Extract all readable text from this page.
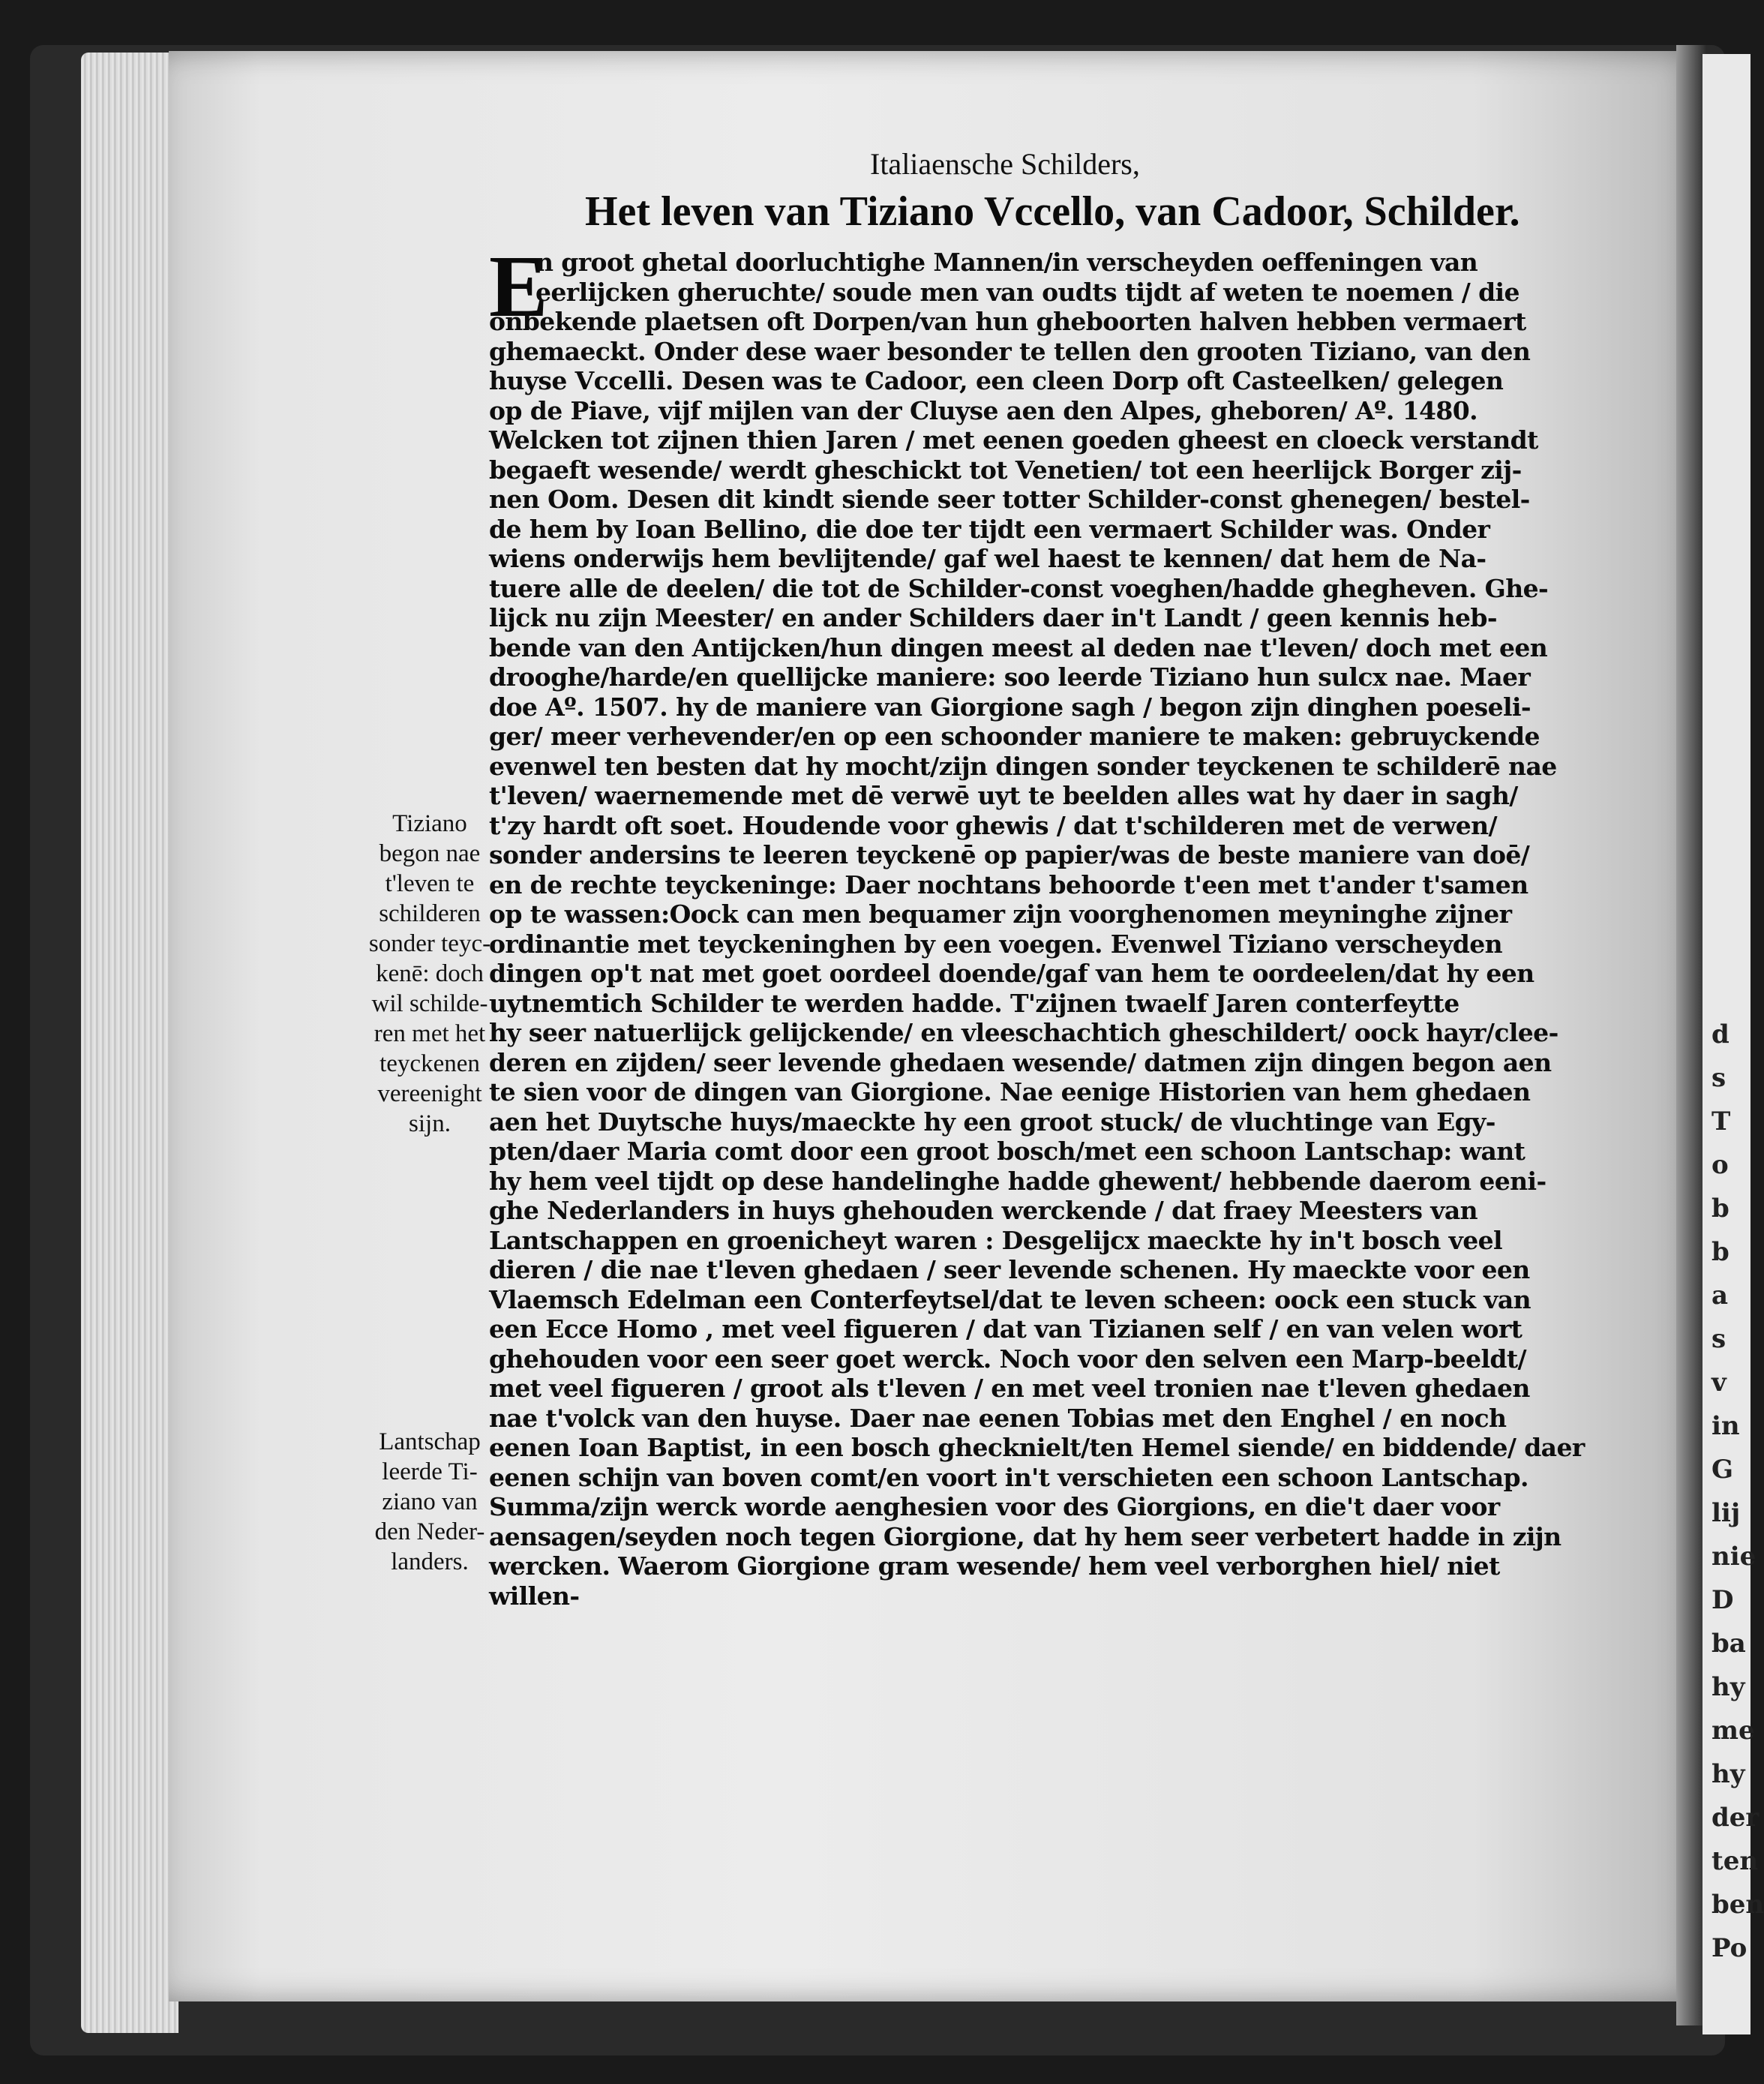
d
s
T
o
b
b
a
s
v
in
G
lij
nie
D
ba
hy
me
hy
der
ten
ben
Po
Italiaensche Schilders,
Het leven van Tiziano Vccello, van Cadoor, Schilder.
E
n groot ghetal doorluchtighe Mannen/in verscheyden oeffeningen van
eerlijcken gheruchte/ soude men van oudts tijdt af weten te noemen / die
onbekende plaetsen oft Dorpen/van hun gheboorten halven hebben vermaert
ghemaeckt. Onder dese waer besonder te tellen den grooten Tiziano, van den
huyse Vccelli. Desen was te Cadoor, een cleen Dorp oft Casteelken/ gelegen
op de Piave, vijf mijlen van der Cluyse aen den Alpes, gheboren/ Aº. 1480.
Welcken tot zijnen thien Jaren / met eenen goeden gheest en cloeck verstandt
begaeft wesende/ werdt gheschickt tot Venetien/ tot een heerlijck Borger zij-
nen Oom. Desen dit kindt siende seer totter Schilder-const ghenegen/ bestel-
de hem by Ioan Bellino, die doe ter tijdt een vermaert Schilder was. Onder
wiens onderwijs hem bevlijtende/ gaf wel haest te kennen/ dat hem de Na-
tuere alle de deelen/ die tot de Schilder-const voeghen/hadde ghegheven. Ghe-
lijck nu zijn Meester/ en ander Schilders daer in't Landt / geen kennis heb-
bende van den Antijcken/hun dingen meest al deden nae t'leven/ doch met een
drooghe/harde/en quellijcke maniere: soo leerde Tiziano hun sulcx nae. Maer
doe Aº. 1507. hy de maniere van Giorgione sagh / begon zijn dinghen poeseli-
ger/ meer verhevender/en op een schoonder maniere te maken: gebruyckende
evenwel ten besten dat hy mocht/zijn dingen sonder teyckenen te schilderē nae
t'leven/ waernemende met dē verwē uyt te beelden alles wat hy daer in sagh/
t'zy hardt oft soet. Houdende voor ghewis / dat t'schilderen met de verwen/
sonder andersins te leeren teyckenē op papier/was de beste maniere van doē/
en de rechte teyckeninge: Daer nochtans behoorde t'een met t'ander t'samen
op te wassen:Oock can men bequamer zijn voorghenomen meyninghe zijner
ordinantie met teyckeninghen by een voegen. Evenwel Tiziano verscheyden
dingen op't nat met goet oordeel doende/gaf van hem te oordeelen/dat hy een
uytnemtich Schilder te werden hadde. T'zijnen twaelf Jaren conterfeytte
hy seer natuerlijck gelijckende/ en vleeschachtich gheschildert/ oock hayr/clee-
deren en zijden/ seer levende ghedaen wesende/ datmen zijn dingen begon aen
te sien voor de dingen van Giorgione. Nae eenige Historien van hem ghedaen
aen het Duytsche huys/maeckte hy een groot stuck/ de vluchtinge van Egy-
pten/daer Maria comt door een groot bosch/met een schoon Lantschap: want
hy hem veel tijdt op dese handelinghe hadde ghewent/ hebbende daerom eeni-
ghe Nederlanders in huys ghehouden werckende / dat fraey Meesters van
Lantschappen en groenicheyt waren : Desgelijcx maeckte hy in't bosch veel
dieren / die nae t'leven ghedaen / seer levende schenen. Hy maeckte voor een
Vlaemsch Edelman een Conterfeytsel/dat te leven scheen: oock een stuck van
een Ecce Homo , met veel figueren / dat van Tizianen self / en van velen wort
ghehouden voor een seer goet werck. Noch voor den selven een Marp-beeldt/
met veel figueren / groot als t'leven / en met veel tronien nae t'leven ghedaen
nae t'volck van den huyse. Daer nae eenen Tobias met den Enghel / en noch
eenen Ioan Baptist, in een bosch ghecknielt/ten Hemel siende/ en biddende/ daer
eenen schijn van boven comt/en voort in't verschieten een schoon Lantschap.
Summa/zijn werck worde aenghesien voor des Giorgions, en die't daer voor
aensagen/seyden noch tegen Giorgione, dat hy hem seer verbetert hadde in zijn
wercken. Waerom Giorgione gram wesende/ hem veel verborghen hiel/ niet
willen-
Tiziano
begon nae
t'leven te
schilderen
sonder teyc-
kenē: doch
wil schilde-
ren met het
teyckenen
vereenight
sijn.
Lantschap
leerde Ti-
ziano van
den Neder-
landers.
